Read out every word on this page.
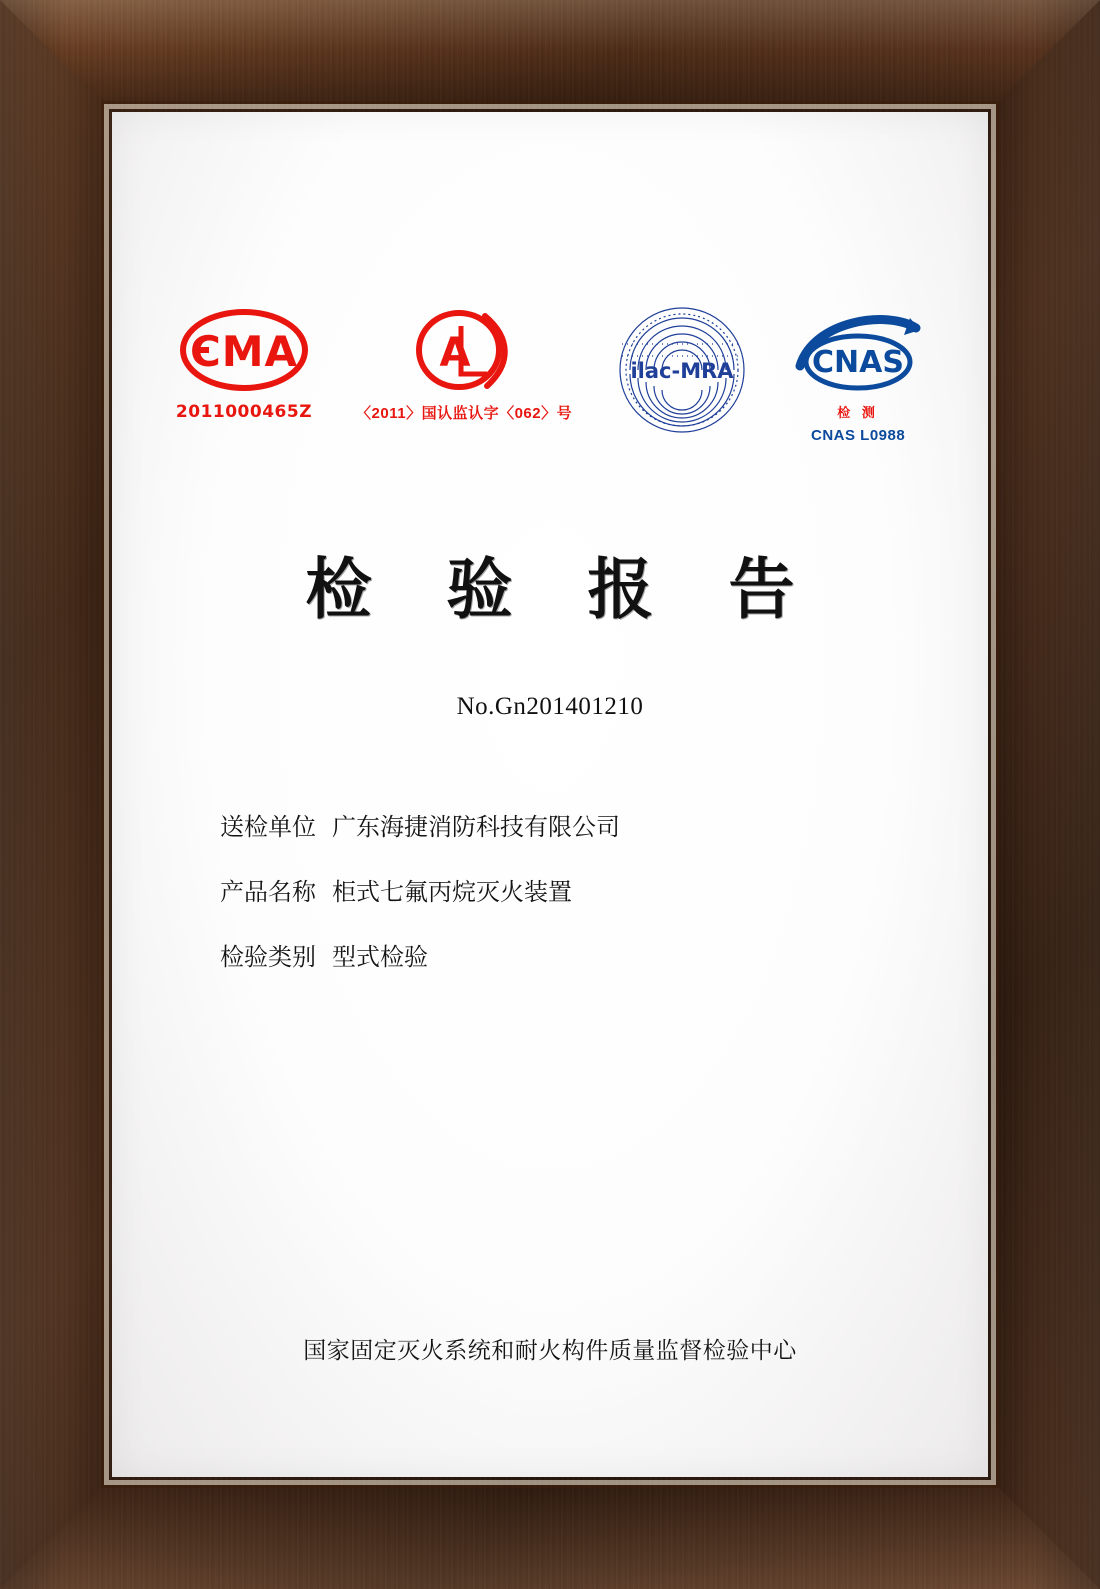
CMA
2011000465Z
A
〈2011〉国认监认字〈062〉号
ilac-MRA	CNAS
检 测
CNAS L0988
检 验 报 告
No.Gn201401210
送检单位 广东海捷消防科技有限公司
产品名称 柜式七氟丙烷灭火装置
检验类别 型式检验
国家固定灭火系统和耐火构件质量监督检验中心
